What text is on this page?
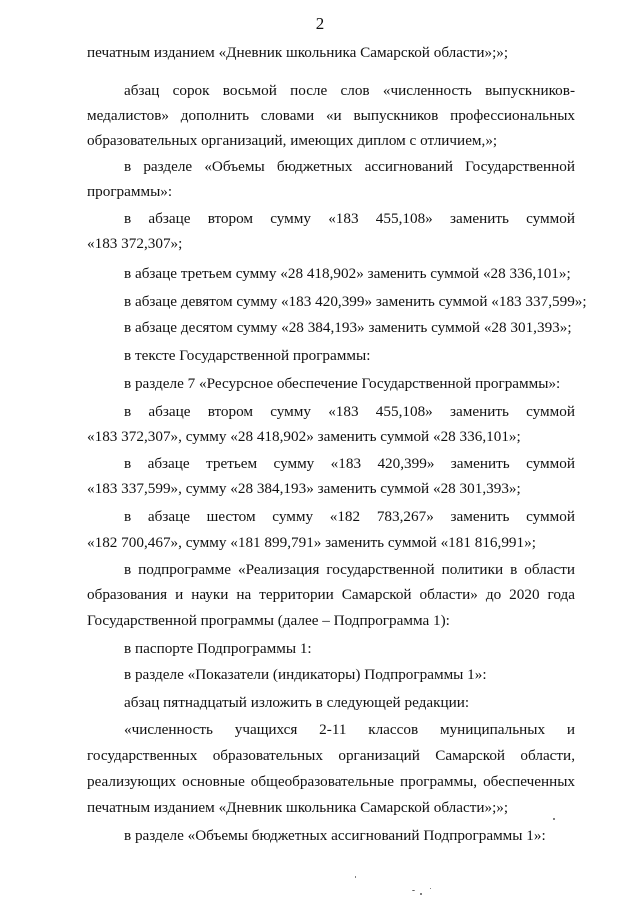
2
печатным изданием «Дневник школьника Самарской области»;»;
абзац сорок восьмой после слов «численность выпускников-
медалистов» дополнить словами «и выпускников профессиональных
образовательных организаций, имеющих диплом с отличием,»;
в разделе «Объемы бюджетных ассигнований Государственной
программы»:
в абзаце втором сумму «183 455,108» заменить суммой
«183 372,307»;
в абзаце третьем сумму «28 418,902» заменить суммой «28 336,101»;
в абзаце девятом сумму «183 420,399» заменить суммой «183 337,599»;
в абзаце десятом сумму «28 384,193» заменить суммой «28 301,393»;
в тексте Государственной программы:
в разделе 7 «Ресурсное обеспечение Государственной программы»:
в абзаце втором сумму «183 455,108» заменить суммой
«183 372,307», сумму «28 418,902» заменить суммой «28 336,101»;
в абзаце третьем сумму «183 420,399» заменить суммой
«183 337,599», сумму «28 384,193» заменить суммой «28 301,393»;
в абзаце шестом сумму «182 783,267» заменить суммой
«182 700,467», сумму «181 899,791» заменить суммой «181 816,991»;
в подпрограмме «Реализация государственной политики в области
образования и науки на территории Самарской области» до 2020 года
Государственной программы (далее – Подпрограмма 1):
в паспорте Подпрограммы 1:
в разделе «Показатели (индикаторы) Подпрограммы 1»:
абзац пятнадцатый изложить в следующей редакции:
«численность учащихся 2-11 классов муниципальных и
государственных образовательных организаций Самарской области,
реализующих основные общеобразовательные программы, обеспеченных
печатным изданием «Дневник школьника Самарской области»;»;
в разделе «Объемы бюджетных ассигнований Подпрограммы 1»:
